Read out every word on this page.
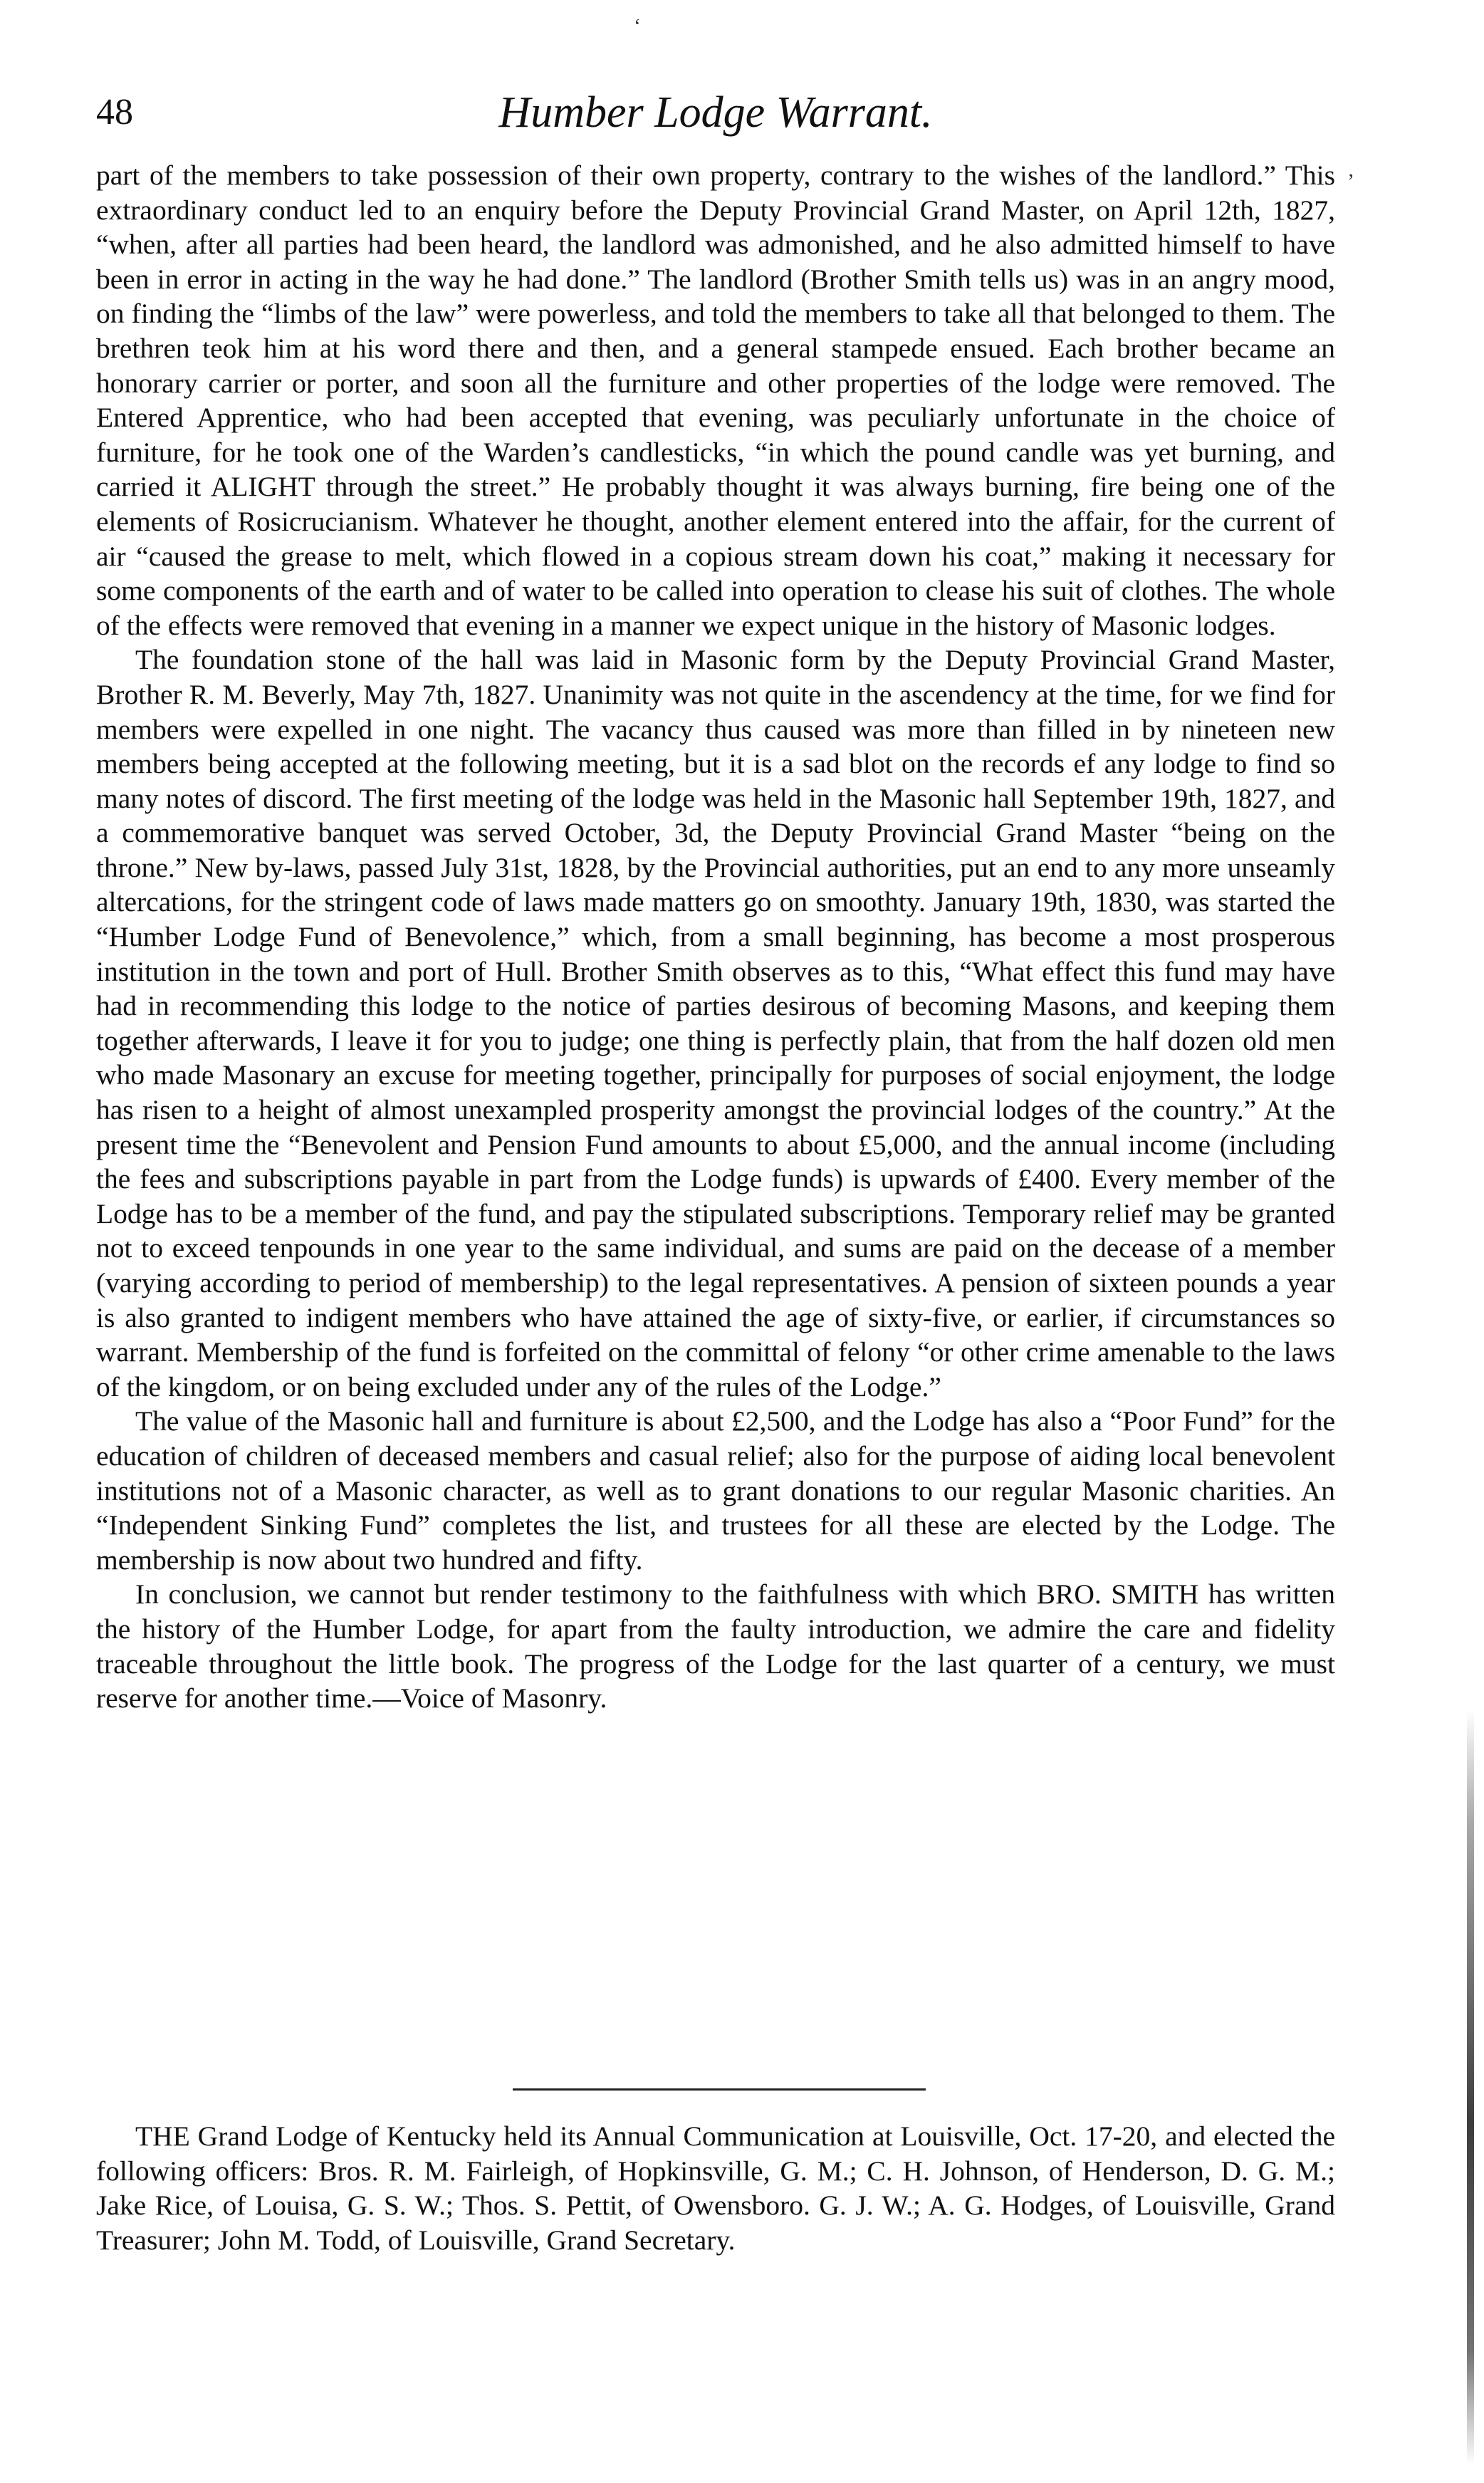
48	Humber Lodge Warrant.

part of the members to take possession of their own property, contrary to the wishes of the landlord.” This extraordinary conduct led to an enquiry before the Deputy Provincial Grand Master, on April 12th, 1827, “when, after all parties had been heard, the landlord was admonished, and he also admitted himself to have been in error in acting in the way he had done.” The landlord (Brother Smith tells us) was in an angry mood, on finding the “limbs of the law” were powerless, and told the members to take all that belonged to them. The brethren teok him at his word there and then, and a general stampede ensued. Each brother became an honorary carrier or porter, and soon all the furniture and other properties of the lodge were removed. The Entered Apprentice, who had been accepted that evening, was peculiarly unfortunate in the choice of furniture, for he took one of the Warden’s candlesticks, “in which the pound candle was yet burning, and carried it ALIGHT through the street.” He probably thought it was always burning, fire being one of the elements of Rosicrucianism. Whatever he thought, another element entered into the affair, for the current of air “caused the grease to melt, which flowed in a copious stream down his coat,” making it necessary for some components of the earth and of water to be called into operation to clease his suit of clothes. The whole of the effects were removed that evening in a manner we expect unique in the history of Masonic lodges.

The foundation stone of the hall was laid in Masonic form by the Deputy Provincial Grand Master, Brother R. M. Beverly, May 7th, 1827. Unanimity was not quite in the ascendency at the time, for we find for members were expelled in one night. The vacancy thus caused was more than filled in by nineteen new members being accepted at the following meeting, but it is a sad blot on the records ef any lodge to find so many notes of discord. The first meeting of the lodge was held in the Masonic hall September 19th, 1827, and a commemorative banquet was served October, 3d, the Deputy Provincial Grand Master “being on the throne.” New by-laws, passed July 31st, 1828, by the Provincial authorities, put an end to any more unseamly altercations, for the stringent code of laws made matters go on smoothty. January 19th, 1830, was started the “Humber Lodge Fund of Benevolence,” which, from a small beginning, has become a most prosperous institution in the town and port of Hull. Brother Smith observes as to this, “What effect this fund may have had in recommending this lodge to the notice of parties desirous of becoming Masons, and keeping them together afterwards, I leave it for you to judge; one thing is perfectly plain, that from the half dozen old men who made Masonary an excuse for meeting together, principally for purposes of social enjoyment, the lodge has risen to a height of almost unexampled prosperity amongst the provincial lodges of the country.” At the present time the “Benevolent and Pension Fund amounts to about £5,000, and the annual income (including the fees and subscriptions payable in part from the Lodge funds) is upwards of £400. Every member of the Lodge has to be a member of the fund, and pay the stipulated subscriptions. Temporary relief may be granted not to exceed tenpounds in one year to the same individual, and sums are paid on the decease of a member (varying according to period of membership) to the legal representatives. A pension of sixteen pounds a year is also granted to indigent members who have attained the age of sixty-five, or earlier, if circumstances so warrant. Membership of the fund is forfeited on the committal of felony “or other crime amenable to the laws of the kingdom, or on being excluded under any of the rules of the Lodge.”

The value of the Masonic hall and furniture is about £2,500, and the Lodge has also a “Poor Fund” for the education of children of deceased members and casual relief; also for the purpose of aiding local benevolent institutions not of a Masonic character, as well as to grant donations to our regular Masonic charities. An “Independent Sinking Fund” completes the list, and trustees for all these are elected by the Lodge. The membership is now about two hundred and fifty.

In conclusion, we cannot but render testimony to the faithfulness with which BRO. SMITH has written the history of the Humber Lodge, for apart from the faulty introduction, we admire the care and fidelity traceable throughout the little book. The progress of the Lodge for the last quarter of a century, we must reserve for another time.—Voice of Masonry.

THE Grand Lodge of Kentucky held its Annual Communication at Louisville, Oct. 17-20, and elected the following officers: Bros. R. M. Fairleigh, of Hopkinsville, G. M.; C. H. Johnson, of Henderson, D. G. M.; Jake Rice, of Louisa, G. S. W.; Thos. S. Pettit, of Owensboro. G. J. W.; A. G. Hodges, of Louisville, Grand Treasurer; John M. Todd, of Louisville, Grand Secretary.

’
‘
